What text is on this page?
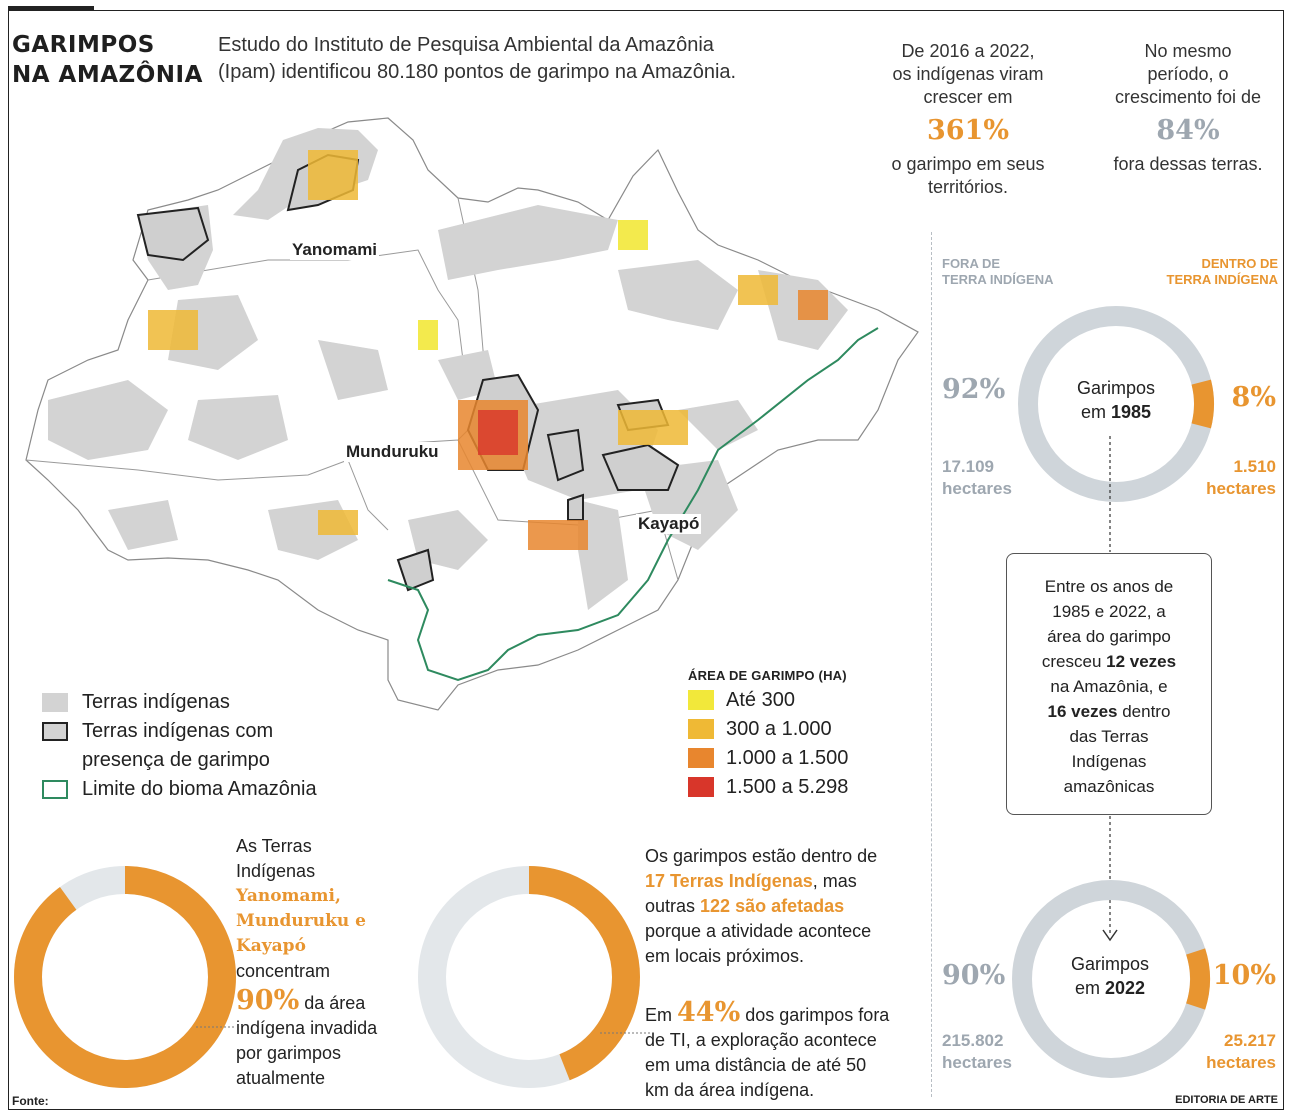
GARIMPOS
NA AMAZÔNIA
Estudo do Instituto de Pesquisa Ambiental da Amazônia
(Ipam) identificou 80.180 pontos de garimpo na Amazônia.
De 2016 a 2022,
os indígenas viram
crescer em
361%
o garimpo em seus
territórios.
No mesmo
período, o
crescimento foi de
84%
fora dessas terras.
Yanomami
Munduruku
Kayapó
Terras indígenas
Terras indígenas com
presença de garimpo
Limite do bioma Amazônia
ÁREA DE GARIMPO (HA)
Até 300
300 a 1.000
1.000 a 1.500
1.500 a 5.298
FORA DE
TERRA INDÍGENA
DENTRO DE
TERRA INDÍGENA
Garimpos
em 1985
92%	8%
17.109
hectares
1.510
hectares
Entre os anos de
1985 e 2022, a
área do garimpo
cresceu 12 vezes
na Amazônia, e
16 vezes dentro
das Terras
Indígenas
amazônicas
Garimpos
em 2022
90%	10%
215.802
hectares
25.217
hectares
As Terras
Indígenas
Yanomami,
Munduruku e
Kayapó
concentram
90% da área
indígena invadida
por garimpos
atualmente
Os garimpos estão dentro de
17 Terras Indígenas, mas
outras 122 são afetadas
porque a atividade acontece
em locais próximos.
Em 44% dos garimpos fora
de TI, a exploração acontece
em uma distância de até 50
km da área indígena.
Fonte:	EDITORIA DE ARTE
